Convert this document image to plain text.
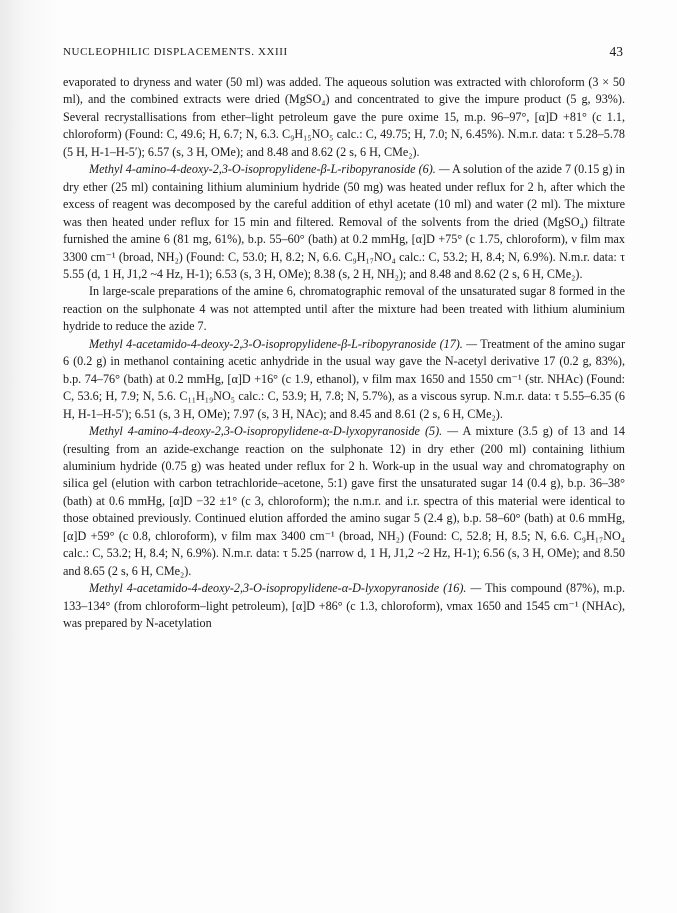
NUCLEOPHILIC DISPLACEMENTS. XXIII	43

evaporated to dryness and water (50 ml) was added. The aqueous solution was extracted with chloroform (3 × 50 ml), and the combined extracts were dried (MgSO₄) and concentrated to give the impure product (5 g, 93%). Several recrystallisations from ether–light petroleum gave the pure oxime 15, m.p. 96–97°, [α]D +81° (c 1.1, chloroform) (Found: C, 49.6; H, 6.7; N, 6.3. C₉H₁₅NO₅ calc.: C, 49.75; H, 7.0; N, 6.45%). N.m.r. data: τ 5.28–5.78 (5 H, H-1–H-5′); 6.57 (s, 3 H, OMe); and 8.48 and 8.62 (2 s, 6 H, CMe₂).

Methyl 4-amino-4-deoxy-2,3-O-isopropylidene-β-L-ribopyranoside (6). — A solution of the azide 7 (0.15 g) in dry ether (25 ml) containing lithium aluminium hydride (50 mg) was heated under reflux for 2 h, after which the excess of reagent was decomposed by the careful addition of ethyl acetate (10 ml) and water (2 ml). The mixture was then heated under reflux for 15 min and filtered. Removal of the solvents from the dried (MgSO₄) filtrate furnished the amine 6 (81 mg, 61%), b.p. 55–60° (bath) at 0.2 mmHg, [α]D +75° (c 1.75, chloroform), ν film max 3300 cm⁻¹ (broad, NH₂) (Found: C, 53.0; H, 8.2; N, 6.6. C₉H₁₇NO₄ calc.: C, 53.2; H, 8.4; N, 6.9%). N.m.r. data: τ 5.55 (d, 1 H, J1,2 ~4 Hz, H-1); 6.53 (s, 3 H, OMe); 8.38 (s, 2 H, NH₂); and 8.48 and 8.62 (2 s, 6 H, CMe₂).

In large-scale preparations of the amine 6, chromatographic removal of the unsaturated sugar 8 formed in the reaction on the sulphonate 4 was not attempted until after the mixture had been treated with lithium aluminium hydride to reduce the azide 7.

Methyl 4-acetamido-4-deoxy-2,3-O-isopropylidene-β-L-ribopyranoside (17). — Treatment of the amino sugar 6 (0.2 g) in methanol containing acetic anhydride in the usual way gave the N-acetyl derivative 17 (0.2 g, 83%), b.p. 74–76° (bath) at 0.2 mmHg, [α]D +16° (c 1.9, ethanol), ν film max 1650 and 1550 cm⁻¹ (str. NHAc) (Found: C, 53.6; H, 7.9; N, 5.6. C₁₁H₁₉NO₅ calc.: C, 53.9; H, 7.8; N, 5.7%), as a viscous syrup. N.m.r. data: τ 5.55–6.35 (6 H, H-1–H-5′); 6.51 (s, 3 H, OMe); 7.97 (s, 3 H, NAc); and 8.45 and 8.61 (2 s, 6 H, CMe₂).

Methyl 4-amino-4-deoxy-2,3-O-isopropylidene-α-D-lyxopyranoside (5). — A mixture (3.5 g) of 13 and 14 (resulting from an azide-exchange reaction on the sulphonate 12) in dry ether (200 ml) containing lithium aluminium hydride (0.75 g) was heated under reflux for 2 h. Work-up in the usual way and chromatography on silica gel (elution with carbon tetrachloride–acetone, 5:1) gave first the unsaturated sugar 14 (0.4 g), b.p. 36–38° (bath) at 0.6 mmHg, [α]D −32 ±1° (c 3, chloroform); the n.m.r. and i.r. spectra of this material were identical to those obtained previously. Continued elution afforded the amino sugar 5 (2.4 g), b.p. 58–60° (bath) at 0.6 mmHg, [α]D +59° (c 0.8, chloroform), ν film max 3400 cm⁻¹ (broad, NH₂) (Found: C, 52.8; H, 8.5; N, 6.6. C₉H₁₇NO₄ calc.: C, 53.2; H, 8.4; N, 6.9%). N.m.r. data: τ 5.25 (narrow d, 1 H, J1,2 ~2 Hz, H-1); 6.56 (s, 3 H, OMe); and 8.50 and 8.65 (2 s, 6 H, CMe₂).

Methyl 4-acetamido-4-deoxy-2,3-O-isopropylidene-α-D-lyxopyranoside (16). — This compound (87%), m.p. 133–134° (from chloroform–light petroleum), [α]D +86° (c 1.3, chloroform), νmax 1650 and 1545 cm⁻¹ (NHAc), was prepared by N-acetylation
